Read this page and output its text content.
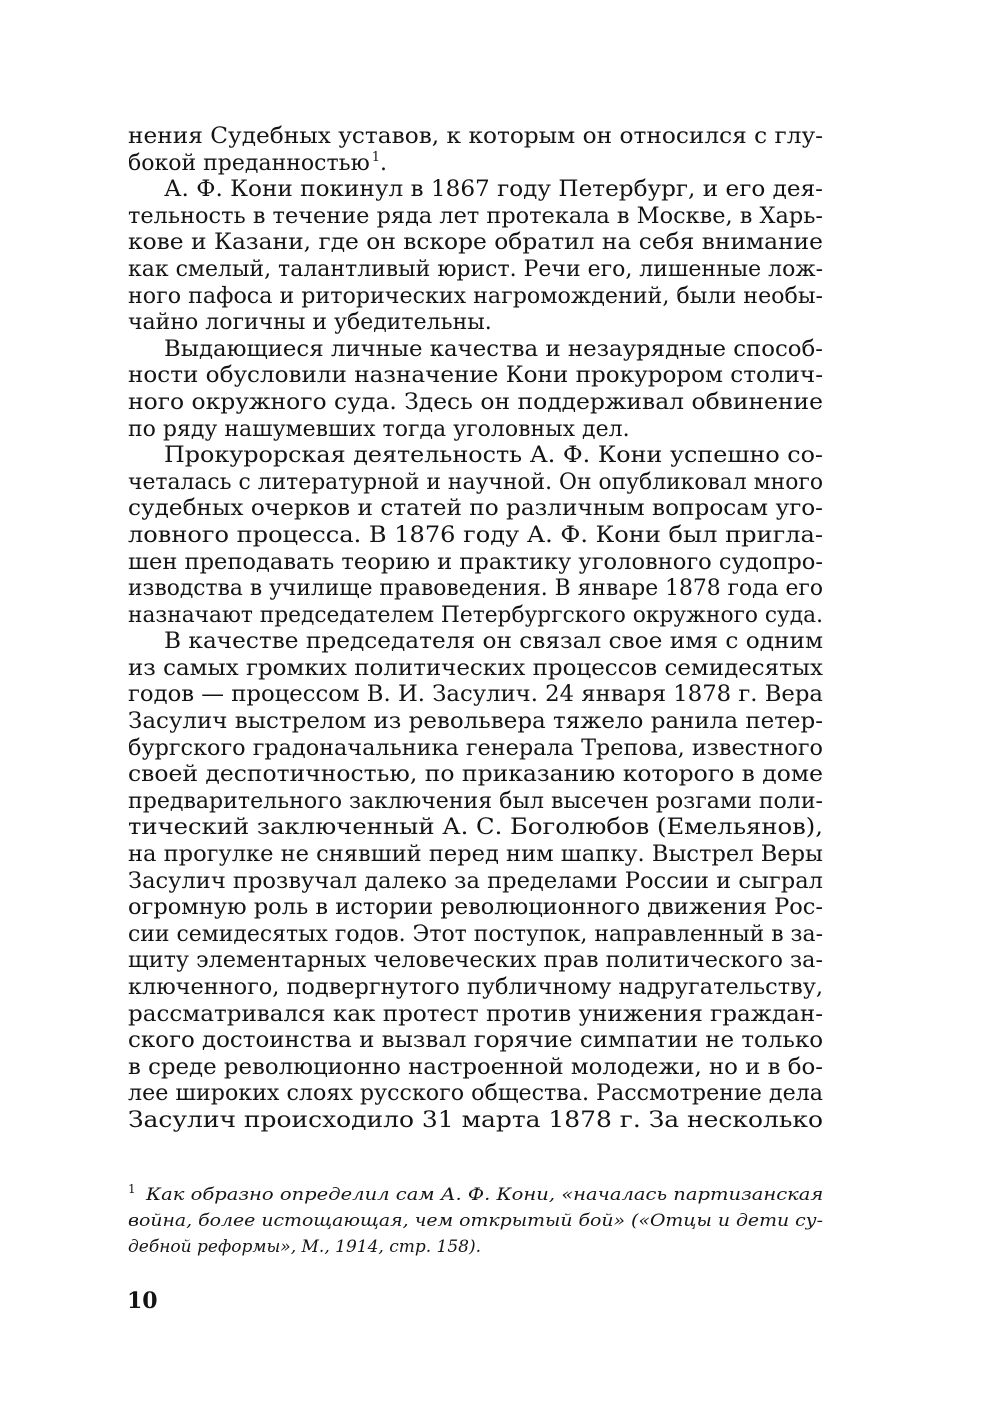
нения Судебных уставов, к которым он относился с глу-
бокой преданностью $^1$.
А. Ф. Кони покинул в 1867 году Петербург, и его дея-
тельность в течение ряда лет протекала в Москве, в Харь-
кове и Казани, где он вскоре обратил на себя внимание
как смелый, талантливый юрист. Речи его, лишенные лож-
ного пафоса и риторических нагромождений, были необы-
чайно логичны и убедительны.
Выдающиеся личные качества и незаурядные способ-
ности обусловили назначение Кони прокурором столич-
ного окружного суда. Здесь он поддерживал обвинение
по ряду нашумевших тогда уголовных дел.
Прокурорская деятельность А. Ф. Кони успешно со-
четалась с литературной и научной. Он опубликовал много
судебных очерков и статей по различным вопросам уго-
ловного процесса. В 1876 году А. Ф. Кони был пригла-
шен преподавать теорию и практику уголовного судопро-
изводства в училище правоведения. В январе 1878 года его
назначают председателем Петербургского окружного суда.
В качестве председателя он связал свое имя с одним
из самых громких политических процессов семидесятых
годов — процессом В. И. Засулич. 24 января 1878 г. Вера
Засулич выстрелом из револьвера тяжело ранила петер-
бургского градоначальника генерала Трепова, известного
своей деспотичностью, по приказанию которого в доме
предварительного заключения был высечен розгами поли-
тический заключенный А. С. Боголюбов (Емельянов),
на прогулке не снявший перед ним шапку. Выстрел Веры
Засулич прозвучал далеко за пределами России и сыграл
огромную роль в истории революционного движения Рос-
сии семидесятых годов. Этот поступок, направленный в за-
щиту элементарных человеческих прав политического за-
ключенного, подвергнутого публичному надругательству,
рассматривался как протест против унижения граждан-
ского достоинства и вызвал горячие симпатии не только
в среде революционно настроенной молодежи, но и в бо-
лее широких слоях русского общества. Рассмотрение дела
Засулич происходило 31 марта 1878 г. За несколько
$^1$ Как образно определил сам А. Ф. Кони, «началась партизанская
война, более истощающая, чем открытый бой» («Отцы и дети су-
дебной реформы», М., 1914, стр. 158).
10
